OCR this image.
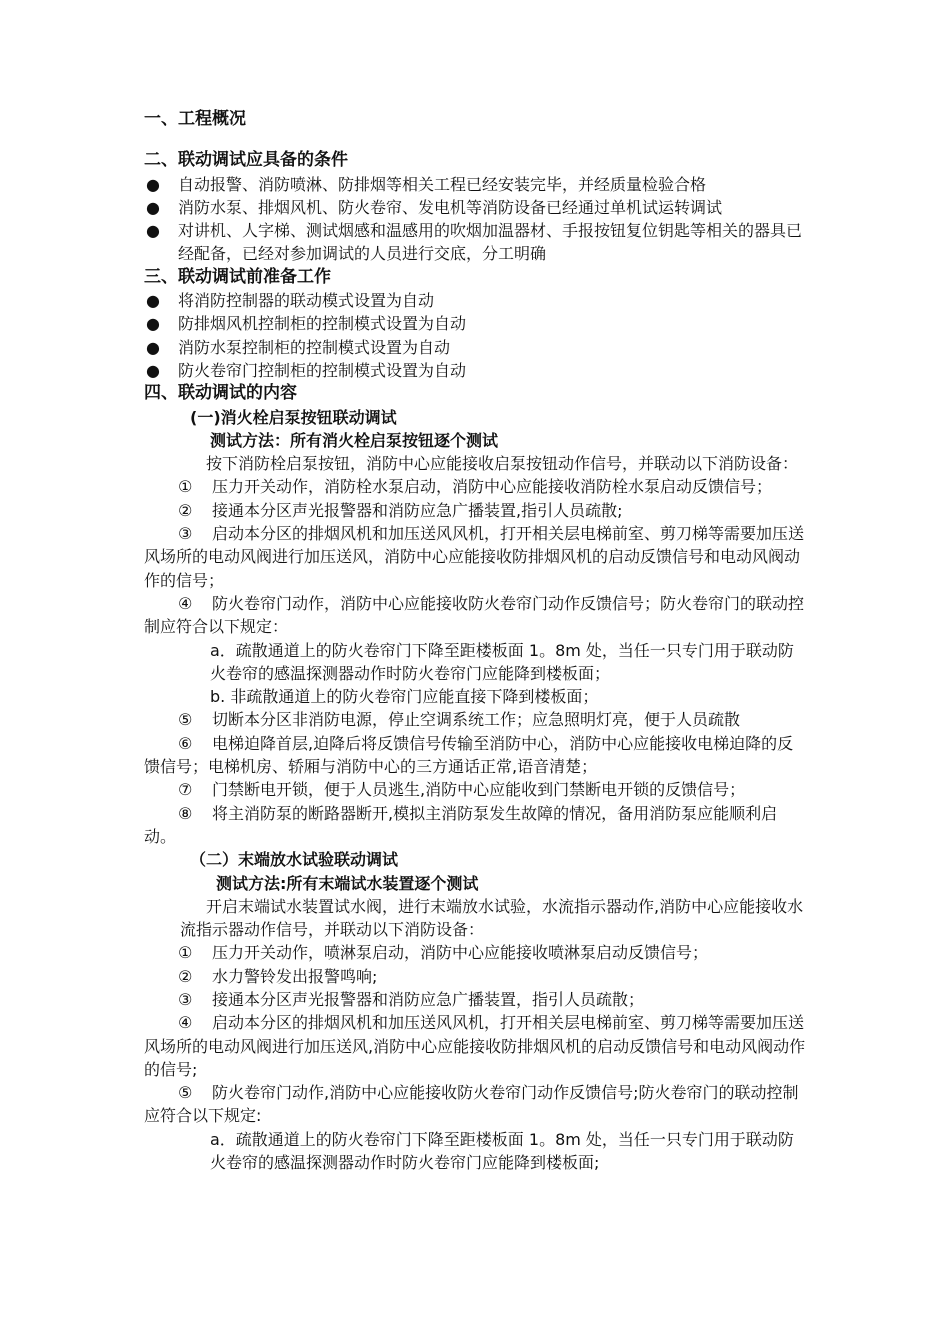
一、工程概况
二、联动调试应具备的条件
● 自动报警、消防喷淋、防排烟等相关工程已经安装完毕，并经质量检验合格
● 消防水泵、排烟风机、防火卷帘、发电机等消防设备已经通过单机试运转调试
● 对讲机、人字梯、测试烟感和温感用的吹烟加温器材、手报按钮复位钥匙等相关的器具已经配备，已经对参加调试的人员进行交底，分工明确
三、联动调试前准备工作
● 将消防控制器的联动模式设置为自动
● 防排烟风机控制柜的控制模式设置为自动
● 消防水泵控制柜的控制模式设置为自动
● 防火卷帘门控制柜的控制模式设置为自动
四、联动调试的内容
(一)消火栓启泵按钮联动调试
测试方法：所有消火栓启泵按钮逐个测试
按下消防栓启泵按钮，消防中心应能接收启泵按钮动作信号，并联动以下消防设备：
① 压力开关动作，消防栓水泵启动，消防中心应能接收消防栓水泵启动反馈信号；
② 接通本分区声光报警器和消防应急广播装置,指引人员疏散;
③ 启动本分区的排烟风机和加压送风风机，打开相关层电梯前室、剪刀梯等需要加压送风场所的电动风阀进行加压送风，消防中心应能接收防排烟风机的启动反馈信号和电动风阀动作的信号；
④ 防火卷帘门动作，消防中心应能接收防火卷帘门动作反馈信号；防火卷帘门的联动控制应符合以下规定：
a．疏散通道上的防火卷帘门下降至距楼板面 1。8m 处，当任一只专门用于联动防火卷帘的感温探测器动作时防火卷帘门应能降到楼板面；
b. 非疏散通道上的防火卷帘门应能直接下降到楼板面；
⑤ 切断本分区非消防电源，停止空调系统工作；应急照明灯亮，便于人员疏散
⑥ 电梯迫降首层,迫降后将反馈信号传输至消防中心，消防中心应能接收电梯迫降的反馈信号；电梯机房、轿厢与消防中心的三方通话正常,语音清楚；
⑦ 门禁断电开锁，便于人员逃生,消防中心应能收到门禁断电开锁的反馈信号；
⑧ 将主消防泵的断路器断开,模拟主消防泵发生故障的情况，备用消防泵应能顺利启动。
（二）末端放水试验联动调试
测试方法:所有末端试水装置逐个测试
开启末端试水装置试水阀，进行末端放水试验，水流指示器动作,消防中心应能接收水流指示器动作信号，并联动以下消防设备：
① 压力开关动作，喷淋泵启动，消防中心应能接收喷淋泵启动反馈信号；
② 水力警铃发出报警鸣响;
③ 接通本分区声光报警器和消防应急广播装置，指引人员疏散；
④ 启动本分区的排烟风机和加压送风风机，打开相关层电梯前室、剪刀梯等需要加压送风场所的电动风阀进行加压送风,消防中心应能接收防排烟风机的启动反馈信号和电动风阀动作的信号;
⑤ 防火卷帘门动作,消防中心应能接收防火卷帘门动作反馈信号;防火卷帘门的联动控制应符合以下规定:
a．疏散通道上的防火卷帘门下降至距楼板面 1。8m 处，当任一只专门用于联动防火卷帘的感温探测器动作时防火卷帘门应能降到楼板面;
